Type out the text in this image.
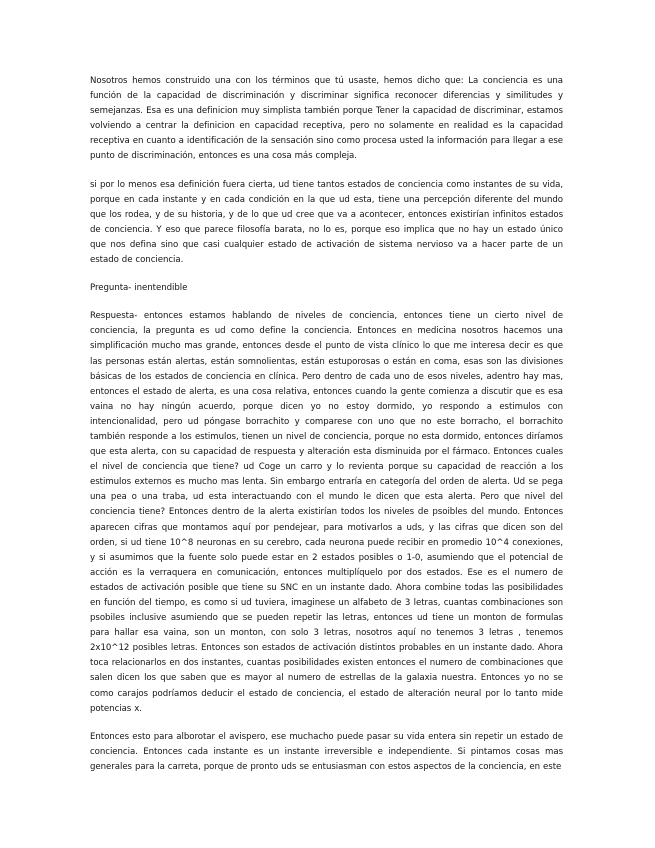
Nosotros hemos construido una con los términos que tú usaste, hemos dicho que: La conciencia es una función de la capacidad de discriminación y discriminar significa reconocer diferencias y similitudes y semejanzas. Esa es una definicion muy simplista también porque Tener la capacidad de discriminar, estamos volviendo a centrar la definicion en capacidad receptiva, pero no solamente en realidad es la capacidad receptiva en cuanto a identificación de la sensación sino como procesa usted la información para llegar a ese punto de discriminación, entonces es una cosa más compleja.

si por lo menos esa definición fuera cierta, ud tiene tantos estados de conciencia como instantes de su vida, porque en cada instante y en cada condición en la que ud esta, tiene una percepción diferente del mundo que los rodea, y de su historia, y de lo que ud cree que va a acontecer, entonces existirían infinitos estados de conciencia. Y eso que parece filosofía barata, no lo es, porque eso implica que no hay un estado único que nos defina sino que casi cualquier estado de activación de sistema nervioso va a hacer parte de un estado de conciencia.

Pregunta- inentendible

Respuesta- entonces estamos hablando de niveles de conciencia, entonces tiene un cierto nivel de conciencia, la pregunta es ud como define la conciencia. Entonces en medicina nosotros hacemos una simplificación mucho mas grande, entonces desde el punto de vista clínico lo que me interesa decir es que las personas están alertas, están somnolientas, están estuporosas o están en coma, esas son las divisiones básicas de los estados de conciencia en clínica. Pero dentro de cada uno de esos niveles, adentro hay mas, entonces el estado de alerta, es una cosa relativa, entonces cuando la gente comienza a discutir que es esa vaina no hay ningún acuerdo, porque dicen yo no estoy dormido, yo respondo a estimulos con intencionalidad, pero ud póngase borrachito y comparese con uno que no este borracho, el borrachito también responde a los estimulos, tienen un nivel de conciencia, porque no esta dormido, entonces diríamos que esta alerta, con su capacidad de respuesta y alteración esta disminuida por el fármaco. Entonces cuales el nivel de conciencia que tiene? ud Coge un carro y lo revienta porque su capacidad de reacción a los estimulos externos es mucho mas lenta. Sin embargo entraría en categoría del orden de alerta. Ud se pega una pea o una traba, ud esta interactuando con el mundo le dicen que esta alerta. Pero que nivel del conciencia tiene? Entonces dentro de la alerta existirían todos los niveles de psoibles del mundo. Entonces aparecen cifras que montamos aquí por pendejear, para motivarlos a uds, y las cifras que dicen son del orden, si ud tiene 10^8 neuronas en su cerebro, cada neurona puede recibir en promedio 10^4 conexiones, y si asumimos que la fuente solo puede estar en 2 estados posibles o 1-0, asumiendo que el potencial de acción es la verraquera en comunicación, entonces multiplíquelo por dos estados. Ese es el numero de estados de activación posible que tiene su SNC en un instante dado. Ahora combine todas las posibilidades en función del tiempo, es como si ud tuviera, imaginese un alfabeto de 3 letras, cuantas combinaciones son psobiles inclusive asumiendo que se pueden repetir las letras, entonces ud tiene un monton de formulas para hallar esa vaina, son un monton, con solo 3 letras, nosotros aquí no tenemos 3 letras , tenemos 2x10^12 posibles letras. Entonces son estados de activación distintos probables en un instante dado. Ahora toca relacionarlos en dos instantes, cuantas posibilidades existen entonces el numero de combinaciones que salen dicen los que saben que es mayor al numero de estrellas de la galaxia nuestra. Entonces yo no se como carajos podríamos deducir el estado de conciencia, el estado de alteración neural por lo tanto mide potencias x.

Entonces esto para alborotar el avispero, ese muchacho puede pasar su vida entera sin repetir un estado de conciencia. Entonces cada instante es un instante irreversible e independiente. Si pintamos cosas mas generales para la carreta, porque de pronto uds se entusiasman con estos aspectos de la conciencia, en este
